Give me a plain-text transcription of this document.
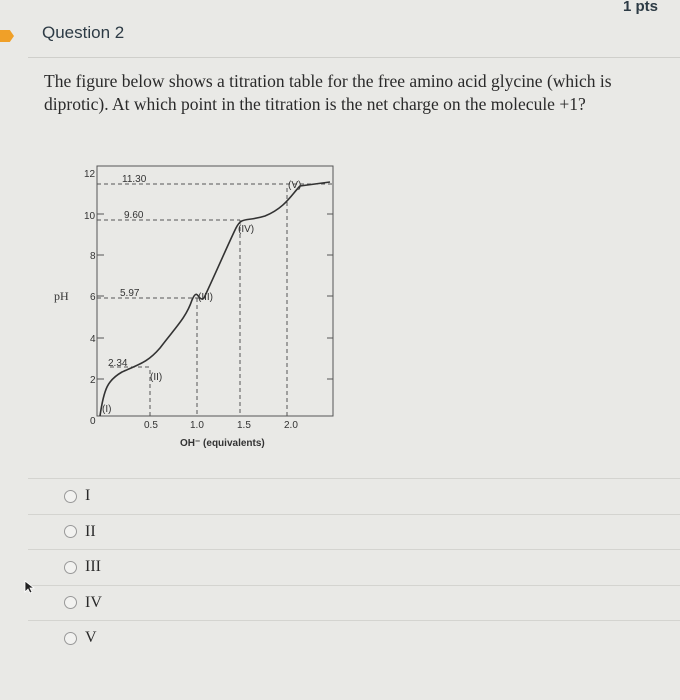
1 pts
Question 2
The figure below shows a titration table for the free amino acid glycine (which is diprotic). At which point in the titration is the net charge on the molecule +1?
pH
12
10
8
6
4
2
0
11.30
9.60
5.97
2.34
(I)
(II)
(III)
(IV)
(V)
0.5	1.0	1.5	2.0
OH⁻ (equivalents)
I
II
III
IV
V
